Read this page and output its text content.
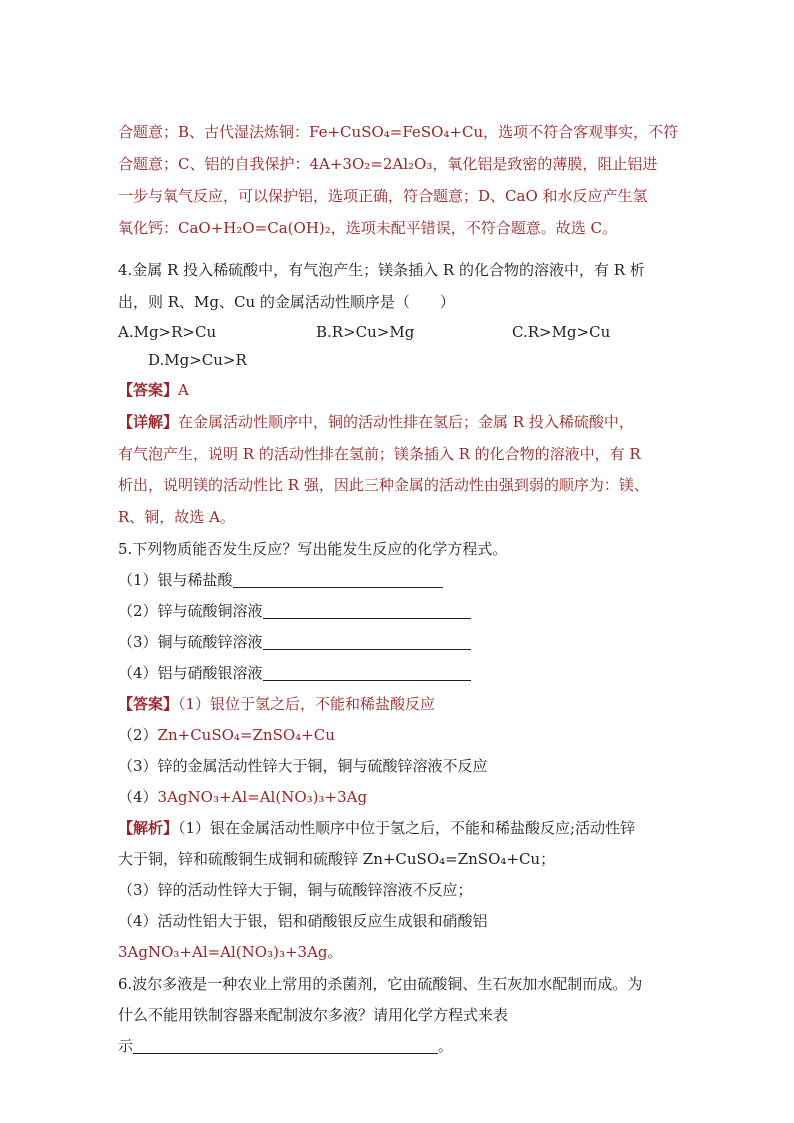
合题意；B、古代湿法炼铜：Fe+CuSO₄=FeSO₄+Cu，选项不符合客观事实，不符
合题意；C、铝的自我保护：4A+3O₂=2Al₂O₃，氧化铝是致密的薄膜，阻止铝进
一步与氧气反应，可以保护铝，选项正确，符合题意；D、CaO 和水反应产生氢
氧化钙：CaO+H₂O=Ca(OH)₂，选项未配平错误，不符合题意。故选 C。
4.金属 R 投入稀硫酸中，有气泡产生；镁条插入 R 的化合物的溶液中，有 R 析
出，则 R、Mg、Cu 的金属活动性顺序是（　　）
A.Mg>R>Cu	B.R>Cu>Mg	C.R>Mg>Cu
D.Mg>Cu>R
【答案】A
【详解】在金属活动性顺序中，铜的活动性排在氢后；金属 R 投入稀硫酸中，
有气泡产生，说明 R 的活动性排在氢前；镁条插入 R 的化合物的溶液中，有 R
析出，说明镁的活动性比 R 强，因此三种金属的活动性由强到弱的顺序为：镁、
R、铜，故选 A。
5.下列物质能否发生反应？写出能发生反应的化学方程式。
（1）银与稀盐酸
（2）锌与硫酸铜溶液
（3）铜与硫酸锌溶液
（4）铝与硝酸银溶液
【答案】（1）银位于氢之后，不能和稀盐酸反应
（2）Zn+CuSO₄=ZnSO₄+Cu
（3）锌的金属活动性锌大于铜，铜与硫酸锌溶液不反应
（4）3AgNO₃+Al=Al(NO₃)₃+3Ag
【解析】（1）银在金属活动性顺序中位于氢之后，不能和稀盐酸反应;活动性锌
大于铜，锌和硫酸铜生成铜和硫酸锌 Zn+CuSO₄=ZnSO₄+Cu；
（3）锌的活动性锌大于铜，铜与硫酸锌溶液不反应；
（4）活动性铝大于银，铝和硝酸银反应生成银和硝酸铝
3AgNO₃+Al=Al(NO₃)₃+3Ag。
6.波尔多液是一种农业上常用的杀菌剂，它由硫酸铜、生石灰加水配制而成。为
什么不能用铁制容器来配制波尔多液？请用化学方程式来表
示	。
